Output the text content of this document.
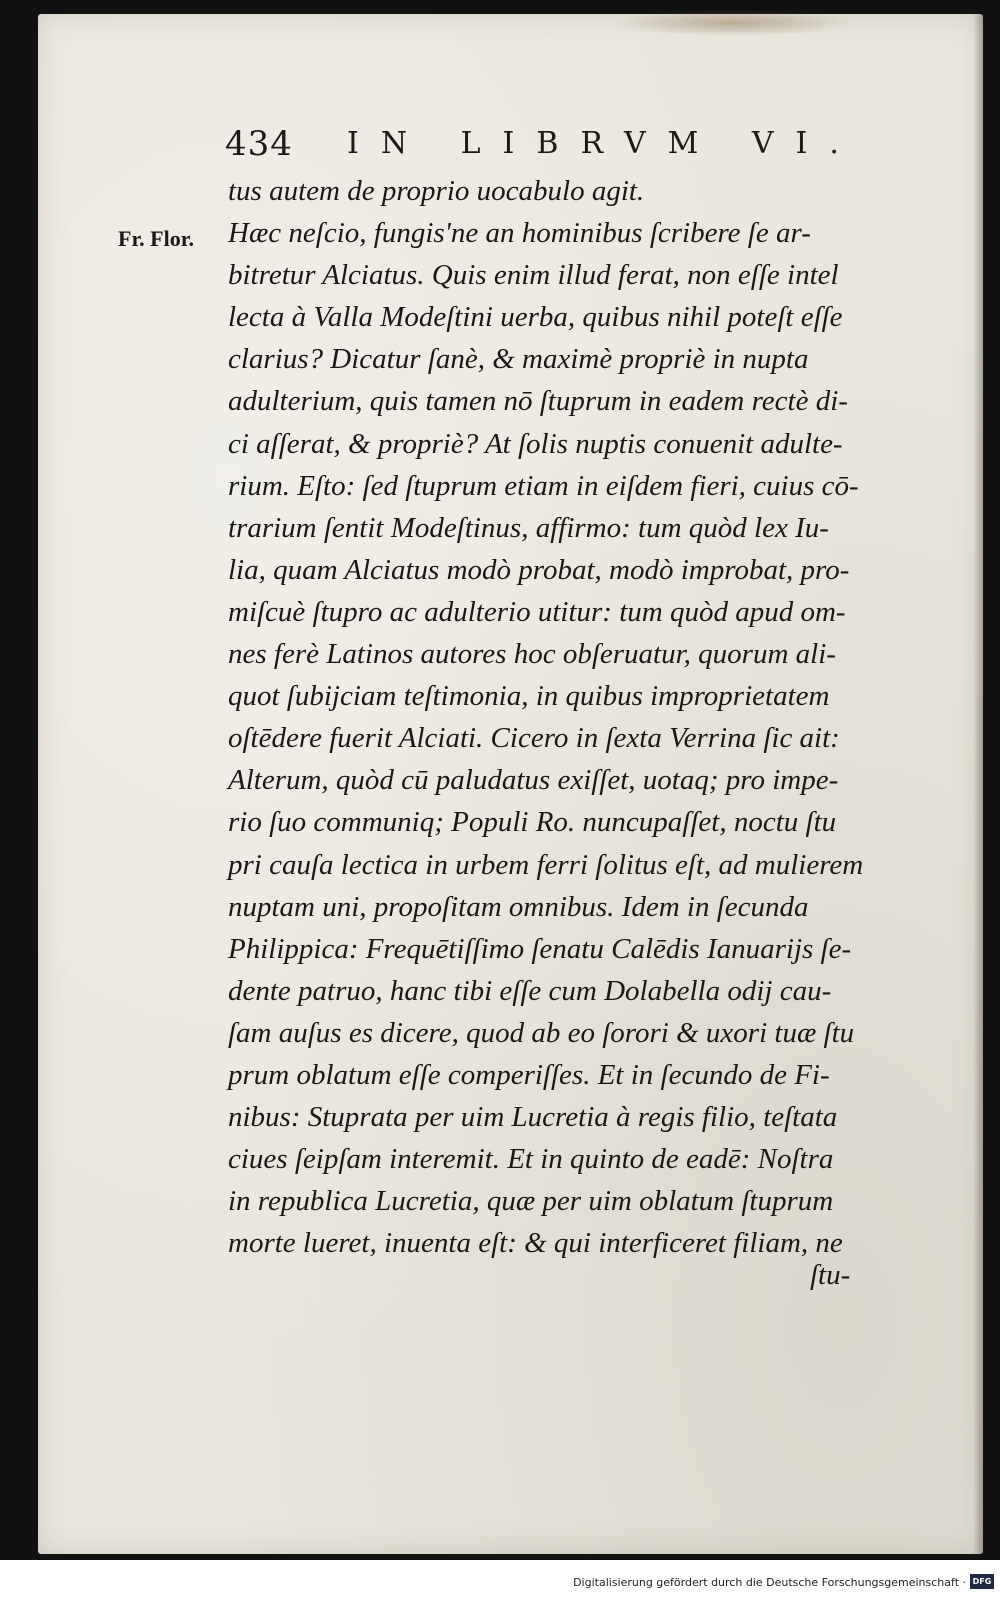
434 IN LIBRVM VI.
Fr. Flor.
tus autem de proprio uocabulo agit.
Hæc neſcio, fungis'ne an hominibus ſcribere ſe ar-
bitretur Alciatus. Quis enim illud ferat, non eſſe intel
lecta à Valla Modeſtini uerba, quibus nihil poteſt eſſe
clarius? Dicatur ſanè, & maximè propriè in nupta
adulterium, quis tamen nō ſtuprum in eadem rectè di-
ci aſſerat, & propriè? At ſolis nuptis conuenit adulte-
rium. Eſto: ſed ſtuprum etiam in eiſdem fieri, cuius cō-
trarium ſentit Modeſtinus, affirmo: tum quòd lex Iu-
lia, quam Alciatus modò probat, modò improbat, pro-
miſcuè ſtupro ac adulterio utitur: tum quòd apud om-
nes ferè Latinos autores hoc obſeruatur, quorum ali-
quot ſubijciam teſtimonia, in quibus improprietatem
oſtēdere fuerit Alciati. Cicero in ſexta Verrina ſic ait:
Alterum, quòd cū paludatus exiſſet, uotaq; pro impe-
rio ſuo communiq; Populi Ro. nuncupaſſet, noctu ſtu
pri cauſa lectica in urbem ferri ſolitus eſt, ad mulierem
nuptam uni, propoſitam omnibus. Idem in ſecunda
Philippica: Frequētiſſimo ſenatu Calēdis Ianuarijs ſe-
dente patruo, hanc tibi eſſe cum Dolabella odij cau-
ſam auſus es dicere, quod ab eo ſorori & uxori tuæ ſtu
prum oblatum eſſe comperiſſes. Et in ſecundo de Fi-
nibus: Stuprata per uim Lucretia à regis filio, teſtata
ciues ſeipſam interemit. Et in quinto de eadē: Noſtra
in republica Lucretia, quæ per uim oblatum ſtuprum
morte lueret, inuenta eſt: & qui interficeret filiam, ne
ſtu-
Digitalisierung gefördert durch die Deutsche Forschungsgemeinschaft · DFG
